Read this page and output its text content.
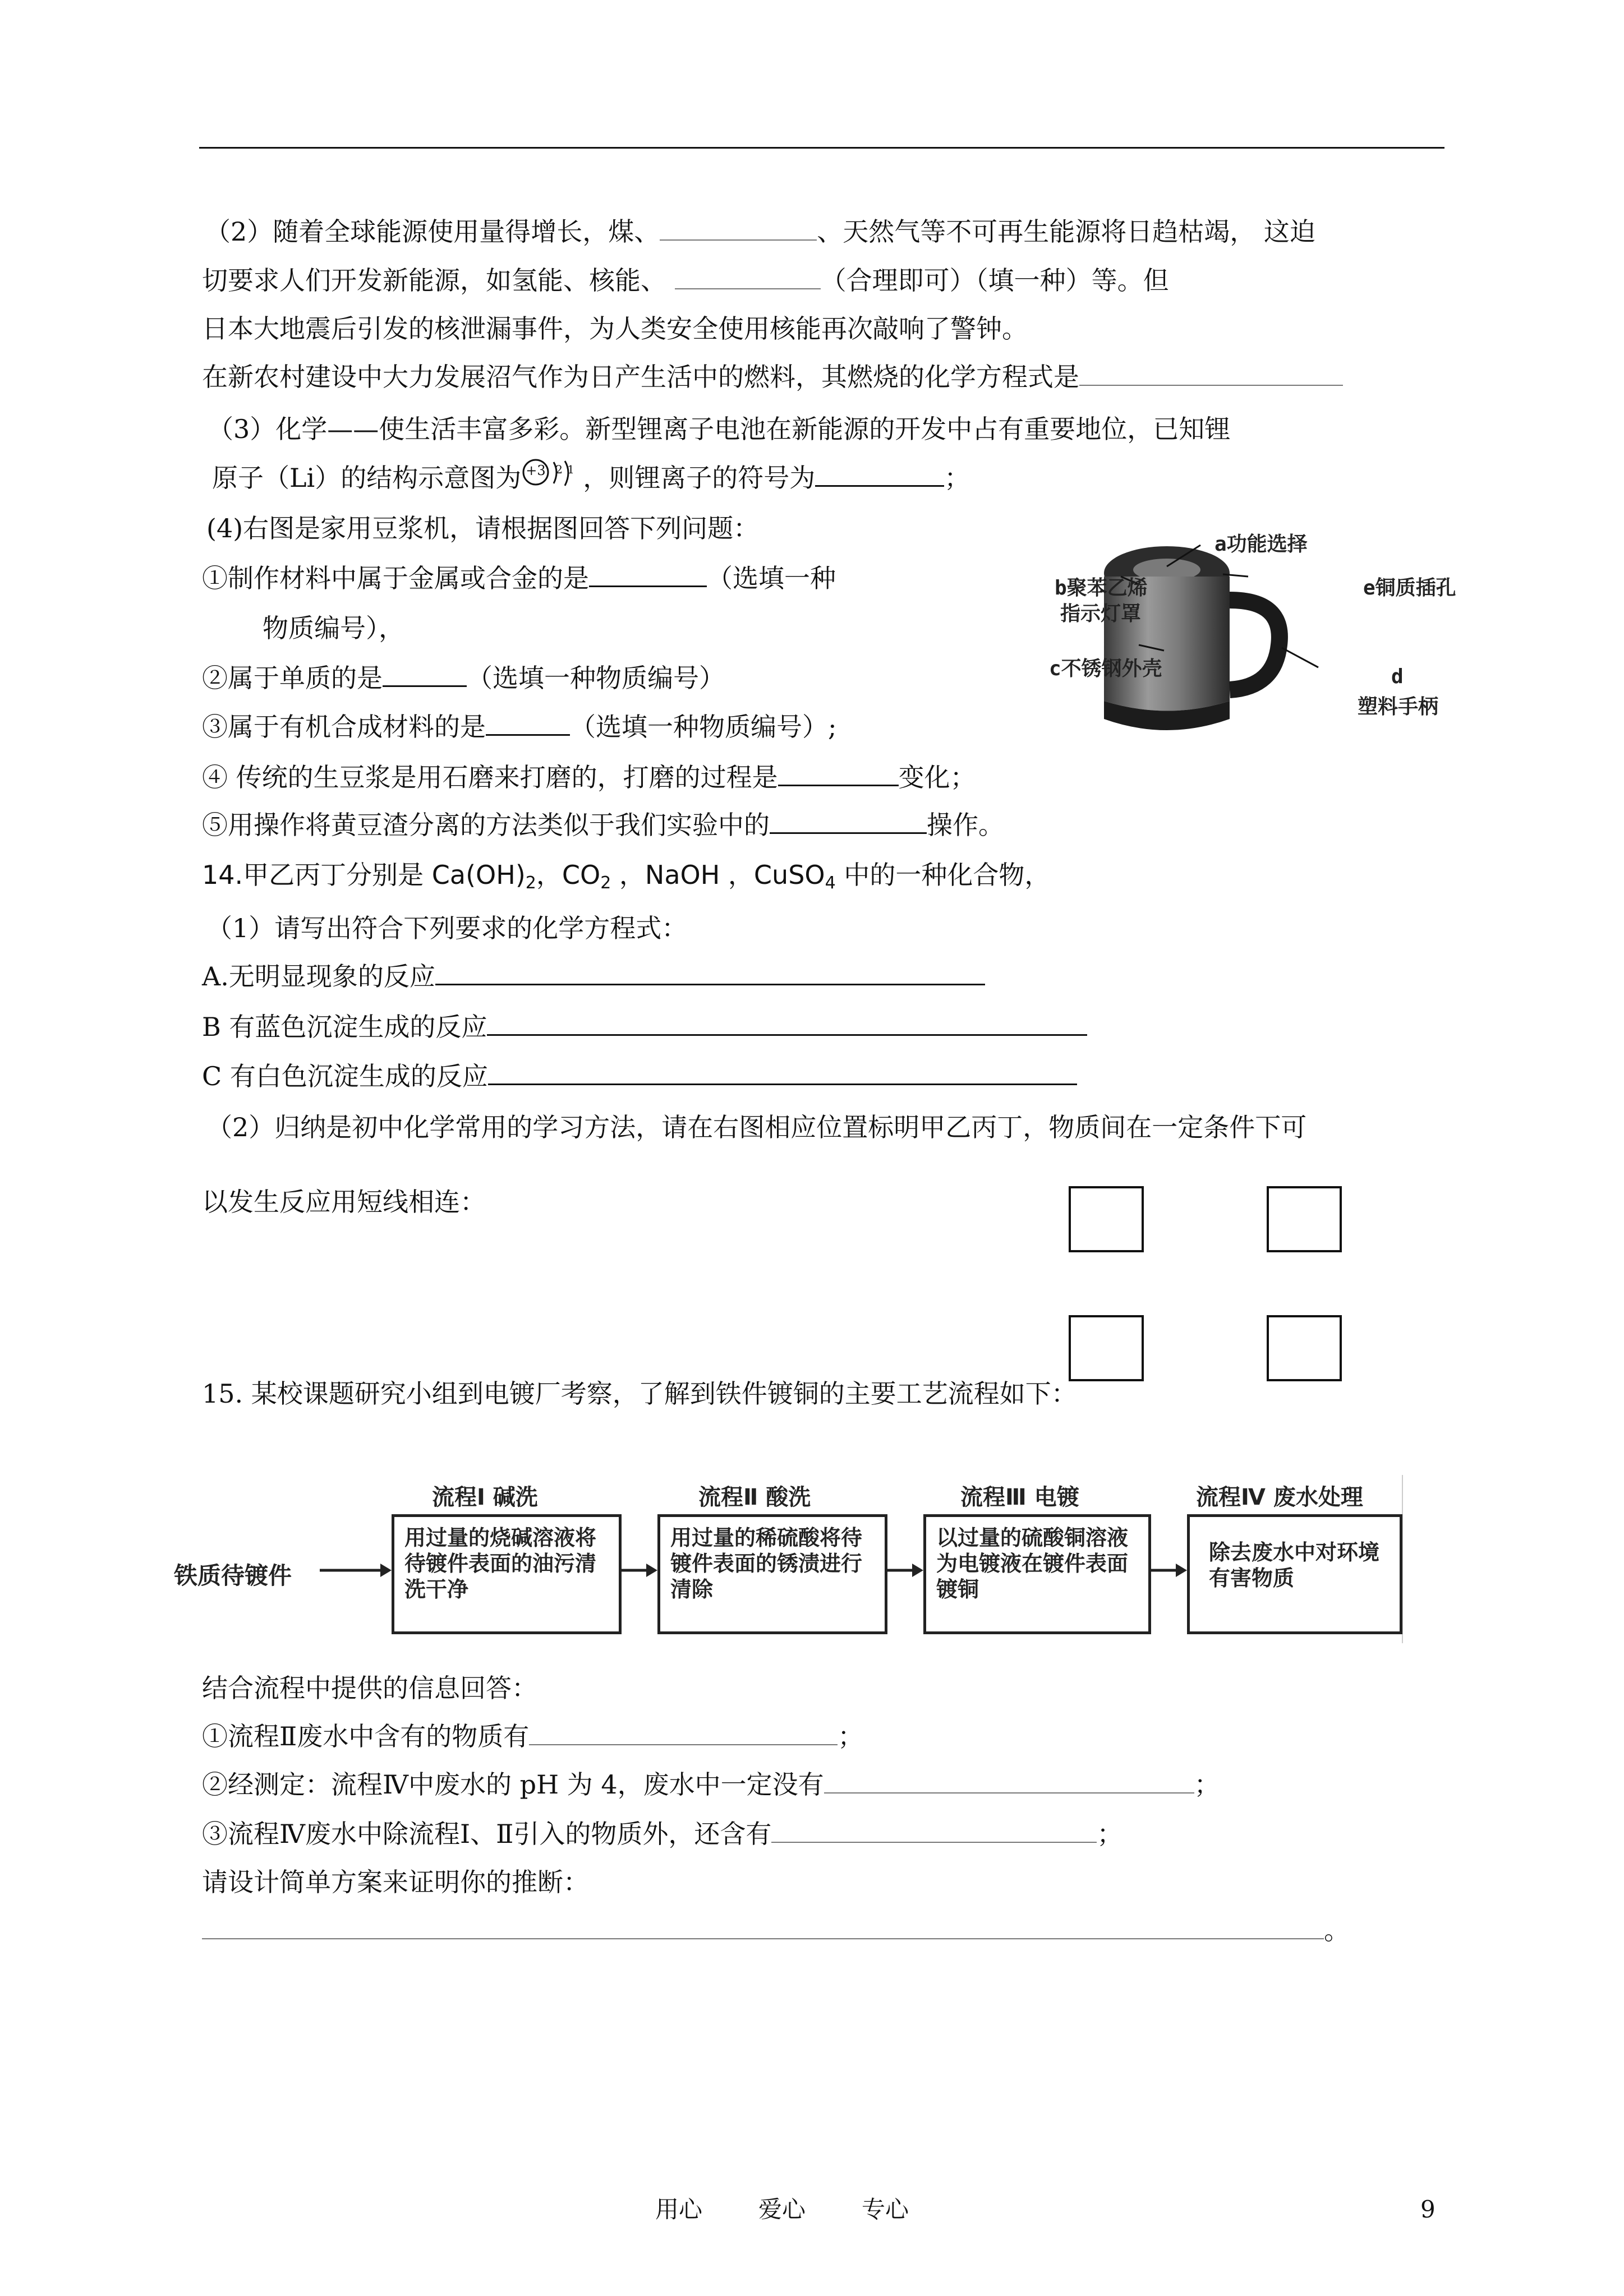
（2）随着全球能源使用量得增长，煤、	、天然气等不可再生能源将日趋枯竭， 这迫
切要求人们开发新能源，如氢能、核能、	（合理即可）（填一种）等。但
日本大地震后引发的核泄漏事件，为人类安全使用核能再次敲响了警钟。
在新农村建设中大力发展沼气作为日产生活中的燃料，其燃烧的化学方程式是
（3）化学——使生活丰富多彩。新型锂离子电池在新能源的开发中占有重要地位，已知锂
原子（Li）的结构示意图为 +3 2 1 ，则锂离子的符号为	；
(4)右图是家用豆浆机，请根据图回答下列问题：
①制作材料中属于金属或合金的是	（选填一种
物质编号），
②属于单质的是	（选填一种物质编号）
③属于有机合成材料的是	（选填一种物质编号）;
④ 传统的生豆浆是用石磨来打磨的，打磨的过程是	变化；
⑤用操作将黄豆渣分离的方法类似于我们实验中的	操作。
a功能选择
b聚苯乙烯
指示灯罩
e铜质插孔
c不锈钢外壳	d
塑料手柄
14.甲乙丙丁分别是 $Ca(OH)_2$，$CO_2$ ，NaOH ，CuSO$_4$ 中的一种化合物，
（1）请写出符合下列要求的化学方程式：
A.无明显现象的反应
B 有蓝色沉淀生成的反应
C 有白色沉淀生成的反应
（2）归纳是初中化学常用的学习方法，请在右图相应位置标明甲乙丙丁，物质间在一定条件下可
以发生反应用短线相连：
15. 某校课题研究小组到电镀厂考察，了解到铁件镀铜的主要工艺流程如下：
铁质待镀件
流程Ⅰ 碱洗
用过量的烧碱溶液将待镀件表面的油污清洗干净
流程Ⅱ 酸洗
用过量的稀硫酸将待镀件表面的锈渍进行清除
流程Ⅲ 电镀
以过量的硫酸铜溶液为电镀液在镀件表面镀铜
流程Ⅳ 废水处理
除去废水中对环境有害物质
结合流程中提供的信息回答：
①流程Ⅱ废水中含有的物质有	；
②经测定：流程Ⅳ中废水的 pH 为 4，废水中一定没有	；
③流程Ⅳ废水中除流程Ⅰ、Ⅱ引入的物质外，还含有	；
请设计简单方案来证明你的推断：
。
用心 爱心 专心	9
